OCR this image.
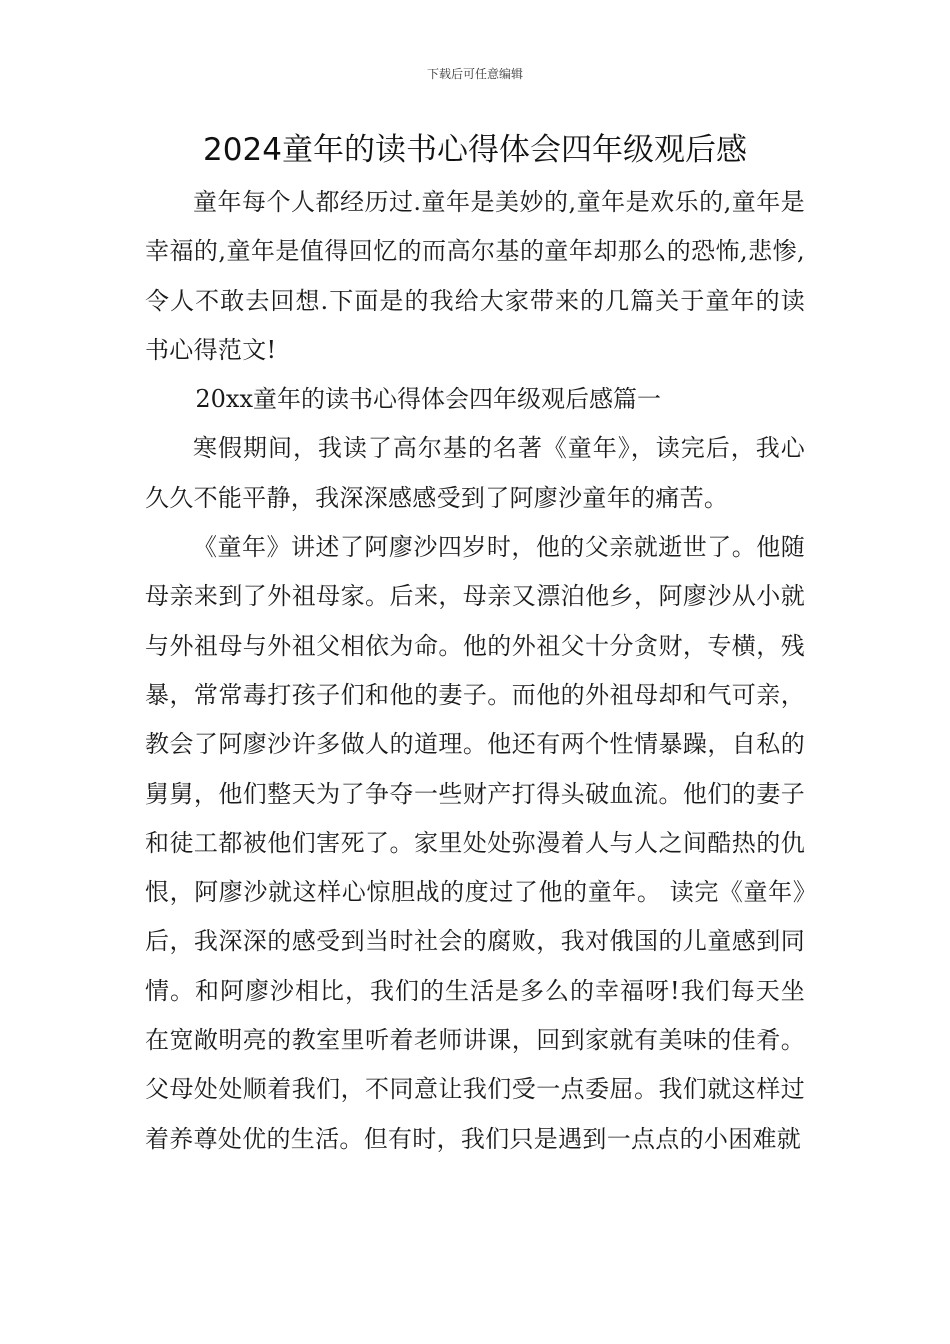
下载后可任意编辑
2024童年的读书心得体会四年级观后感

童年每个人都经历过.童年是美妙的,童年是欢乐的,童年是幸福的,童年是值得回忆的而高尔基的童年却那么的恐怖,悲惨,令人不敢去回想.下面是的我给大家带来的几篇关于童年的读书心得范文!

20xx童年的读书心得体会四年级观后感篇一

寒假期间，我读了高尔基的名著《童年》，读完后，我心久久不能平静，我深深感感受到了阿廖沙童年的痛苦。

《童年》讲述了阿廖沙四岁时，他的父亲就逝世了。他随母亲来到了外祖母家。后来，母亲又漂泊他乡，阿廖沙从小就与外祖母与外祖父相依为命。他的外祖父十分贪财，专横，残暴，常常毒打孩子们和他的妻子。而他的外祖母却和气可亲，教会了阿廖沙许多做人的道理。他还有两个性情暴躁，自私的舅舅，他们整天为了争夺一些财产打得头破血流。他们的妻子和徒工都被他们害死了。家里处处弥漫着人与人之间酷热的仇恨，阿廖沙就这样心惊胆战的度过了他的童年。 读完《童年》后，我深深的感受到当时社会的腐败，我对俄国的儿童感到同情。和阿廖沙相比，我们的生活是多么的幸福呀!我们每天坐在宽敞明亮的教室里听着老师讲课，回到家就有美味的佳肴。父母处处顺着我们，不同意让我们受一点委屈。我们就这样过着养尊处优的生活。但有时，我们只是遇到一点点的小困难就
